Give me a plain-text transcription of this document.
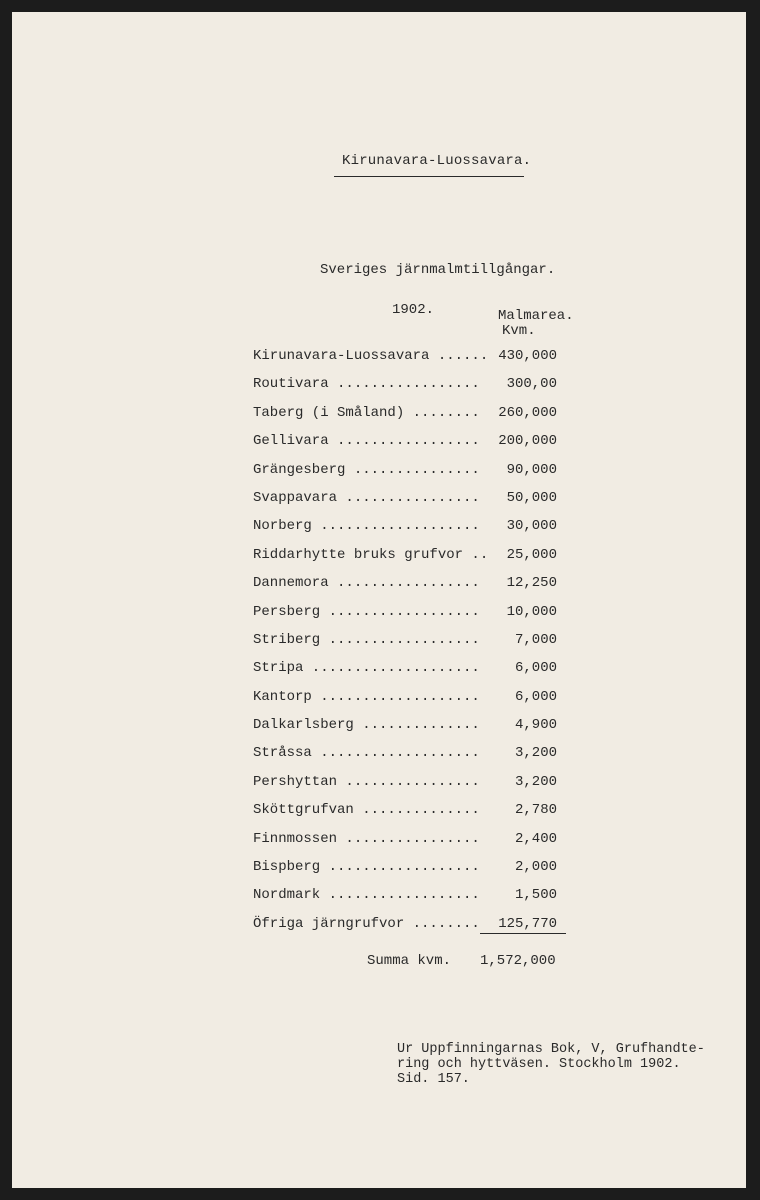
Kirunavara-Luossavara.
Sveriges järnmalmtillgångar.
1902.	Malmarea.
Kvm.
Kirunavara-Luossavara ...... 430,000
Routivara ................. 300,00
Taberg (i Småland) ........ 260,000
Gellivara ................. 200,000
Grängesberg ............... 90,000
Svappavara ................ 50,000
Norberg ................... 30,000
Riddarhytte bruks grufvor .. 25,000
Dannemora ................. 12,250
Persberg .................. 10,000
Striberg ..................	7,000
Stripa ....................	6,000
Kantorp ...................	6,000
Dalkarlsberg ..............	4,900
Stråssa ...................	3,200
Pershyttan ................	3,200
Sköttgrufvan ..............	2,780
Finnmossen ................	2,400
Bispberg ..................	2,000
Nordmark ..................	1,500
Öfriga järngrufvor ........ 125,770
Summa kvm. 1,572,000
Ur Uppfinningarnas Bok, V, Grufhandte-
ring och hyttväsen. Stockholm 1902.
Sid. 157.
